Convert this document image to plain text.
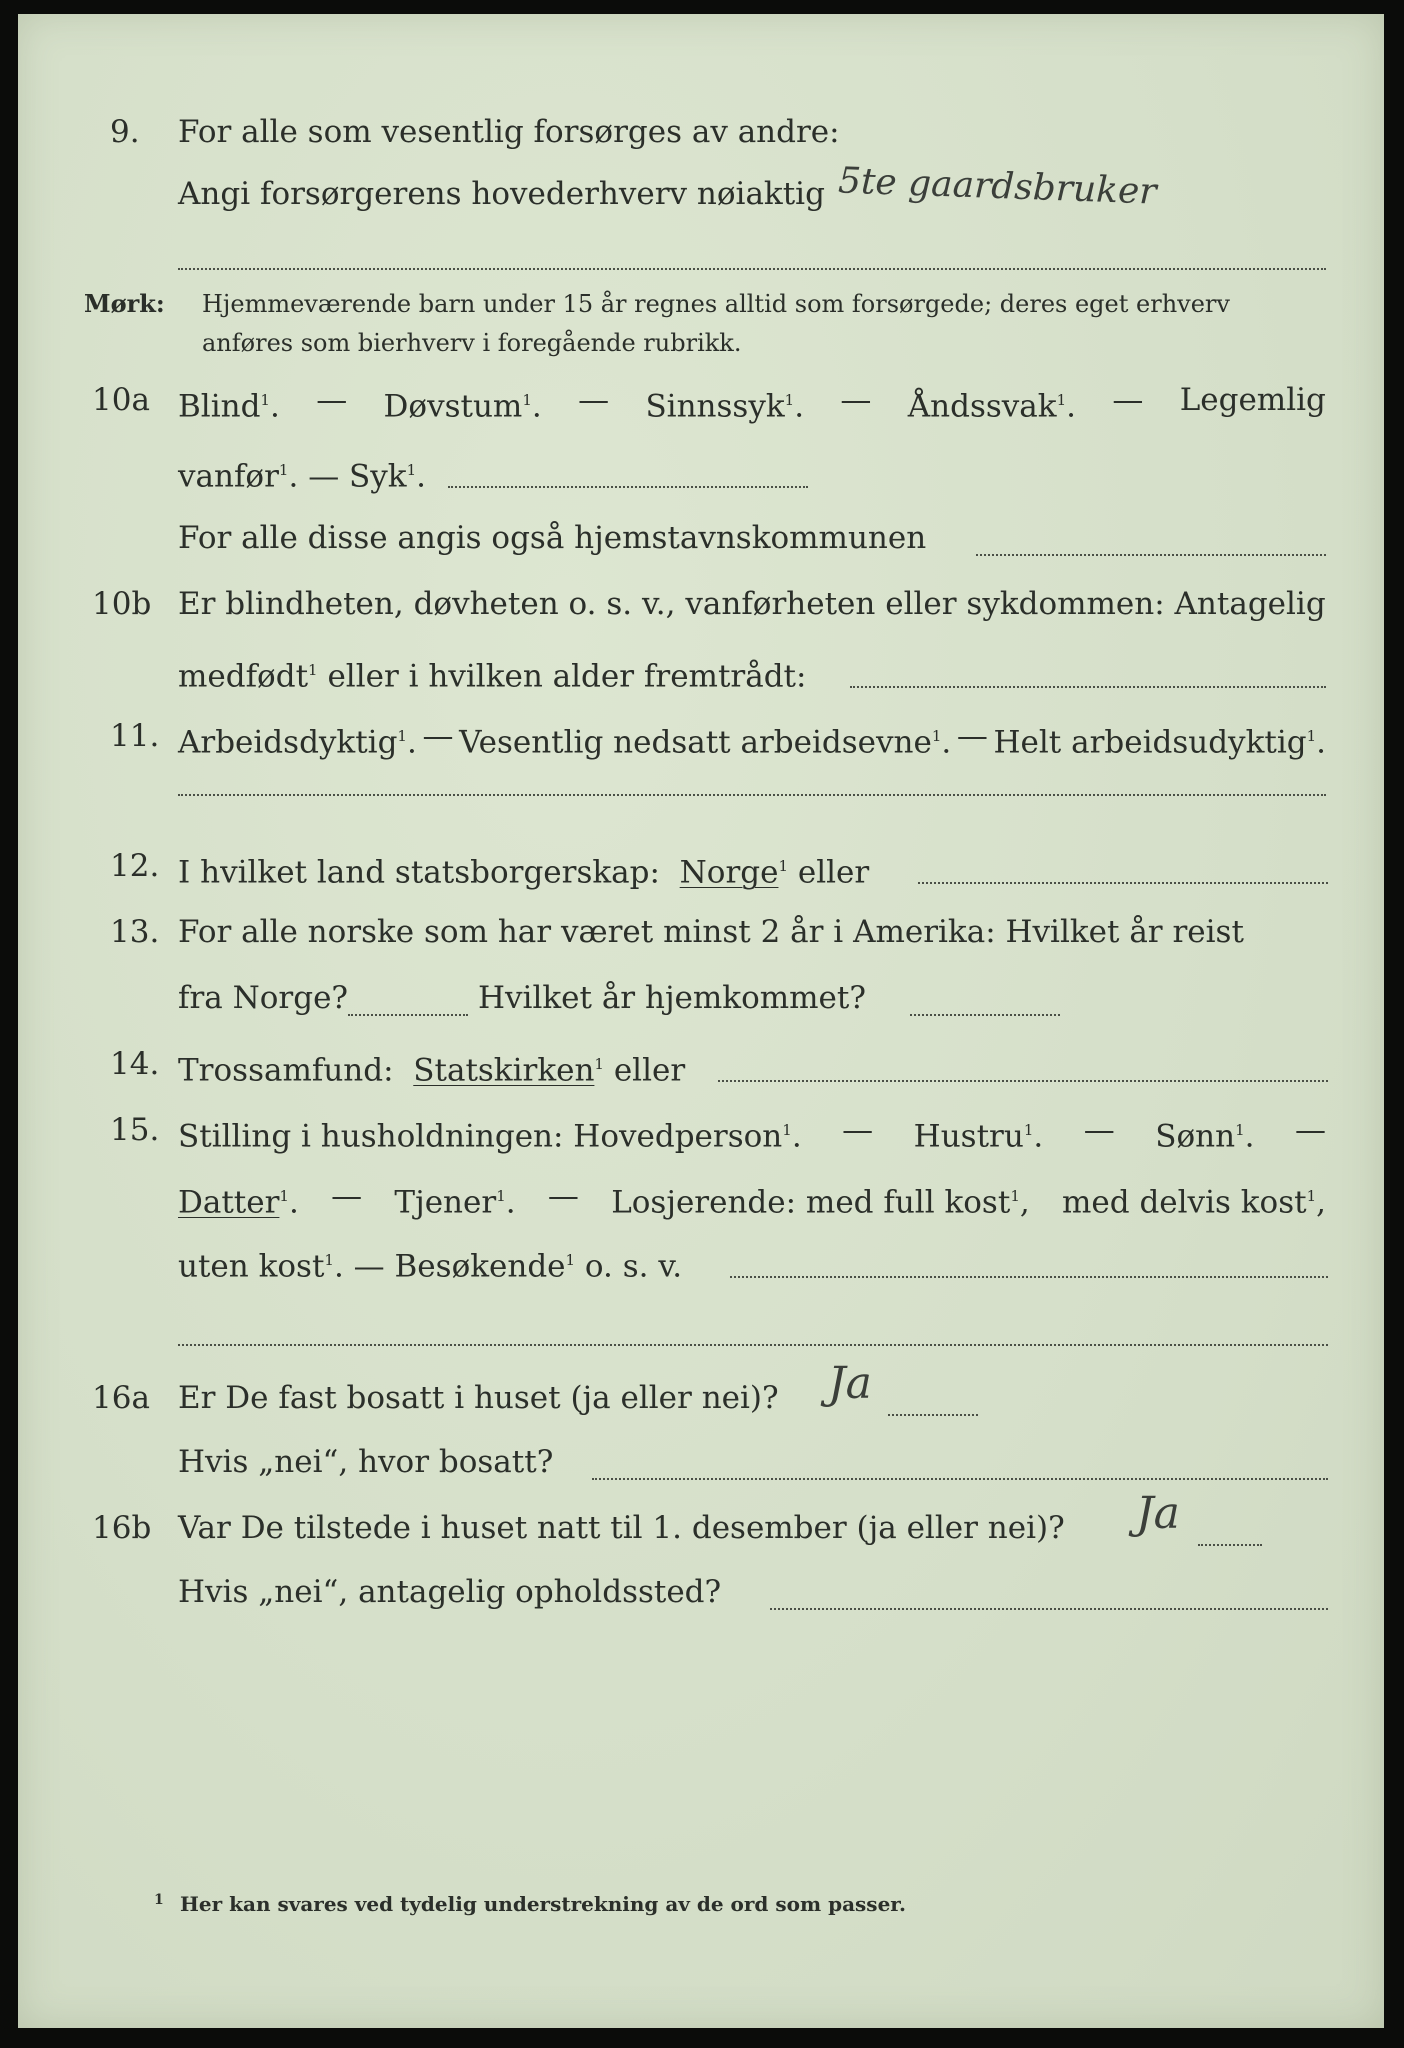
9. For alle som vesentlig forsørges av andre:
Angi forsørgerens hovederhverv nøiaktig 5te gaardsbruker
Mørk: Hjemmeværende barn under 15 år regnes alltid som forsørgede; deres eget erhverv
anføres som bierhverv i foregående rubrikk.
10a Blind$^1$. — Døvstum$^1$. — Sinnssyk$^1$. — Åndssvak$^1$. — Legemlig
vanfør$^1$. — Syk$^1$.
For alle disse angis også hjemstavnskommunen
10b Er blindheten, døvheten o. s. v., vanførheten eller sykdommen: Antagelig
medfødt$^1$ eller i hvilken alder fremtrådt:
11. Arbeidsdyktig$^1$. — Vesentlig nedsatt arbeidsevne$^1$. — Helt arbeidsudyktig$^1$.
12. I hvilket land statsborgerskap: Norge$^1$ eller
13. For alle norske som har været minst 2 år i Amerika: Hvilket år reist
fra Norge?	Hvilket år hjemkommet?
14. Trossamfund: Statskirken$^1$ eller
15. Stilling i husholdningen: Hovedperson$^1$. — Hustru$^1$. — Sønn$^1$. —
Datter$^1$. — Tjener$^1$. — Losjerende: med full kost$^1$, med delvis kost$^1$,
uten kost$^1$. — Besøkende$^1$ o. s. v.
16a Er De fast bosatt i huset (ja eller nei)? Ja
Hvis „nei“, hvor bosatt?
16b Var De tilstede i huset natt til 1. desember (ja eller nei)? Ja
Hvis „nei“, antagelig opholdssted?
1 Her kan svares ved tydelig understrekning av de ord som passer.
